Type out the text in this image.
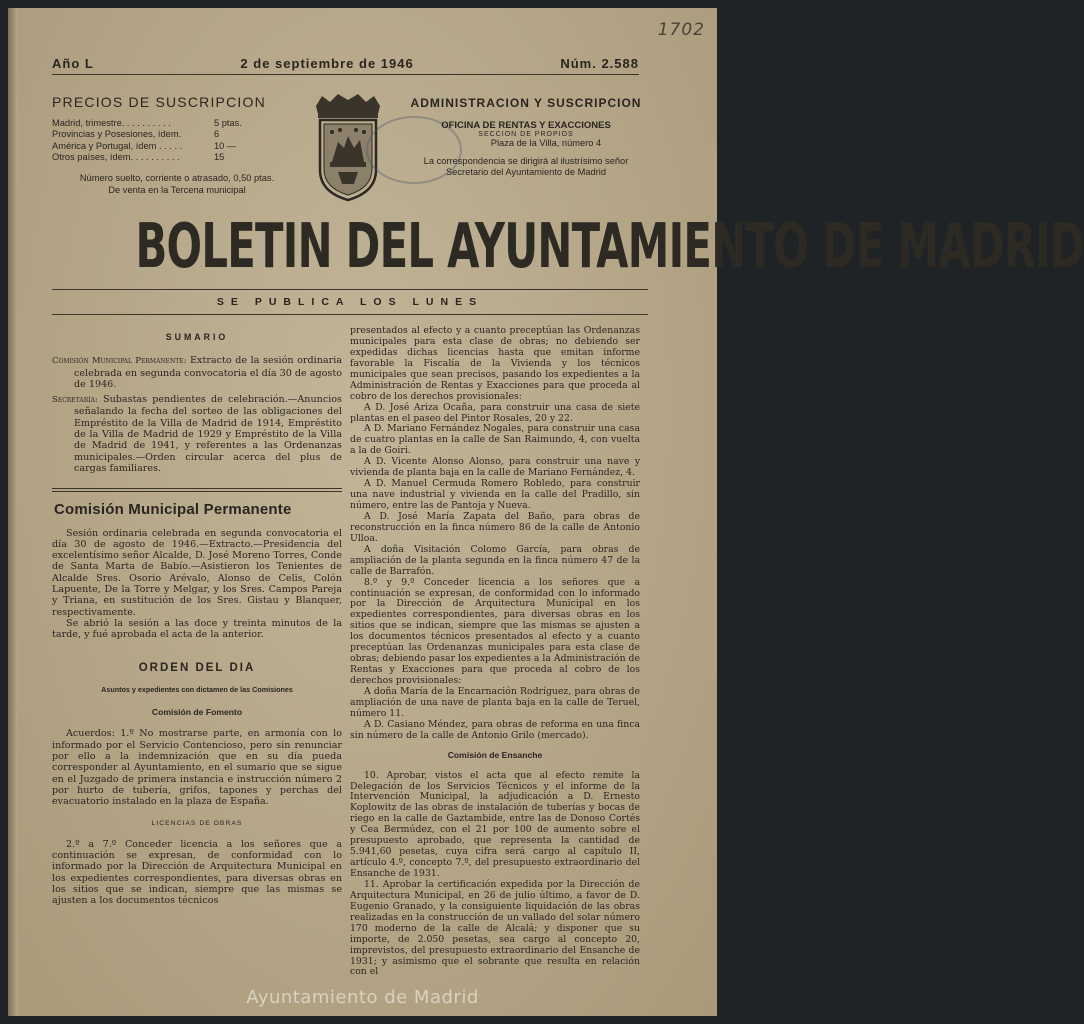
1702
Año L	2 de septiembre de 1946	Núm. 2.588
PRECIOS DE SUSCRIPCION
Madrid, trimestre. . . . . . . . . .	5 ptas.
Provincias y Posesiones, ídem.	6
América y Portugal, ídem . . . . .	10 —
Otros países, ídem. . . . . . . . . .	15
Número suelto, corriente o atrasado, 0,50 ptas.
De venta en la Tercena municipal
ADMINISTRACION Y SUSCRIPCION
OFICINA DE RENTAS Y EXACCIONES
SECCION DE PROPIOS
Plaza de la Villa, número 4
La correspondencia se dirigirá al ilustrísimo señor Secretario del Ayuntamiento de Madrid
BOLETIN DEL AYUNTAMIENTO DE MADRID
SE PUBLICA LOS LUNES
SUMARIO

Comisión Municipal Permanente: Extracto de la sesión ordinaria celebrada en segunda convocatoria el día 30 de agosto de 1946.

Secretaría: Subastas pendientes de celebración.—Anuncios señalando la fecha del sorteo de las obligaciones del Empréstito de la Villa de Madrid de 1914, Empréstito de la Villa de Madrid de 1929 y Empréstito de la Villa de Madrid de 1941, y referentes a las Ordenanzas municipales.—Orden circular acerca del plus de cargas familiares.

Comisión Municipal Permanente

Sesión ordinaria celebrada en segunda convocatoria el día 30 de agosto de 1946.—Extracto.—Presidencia del excelentísimo señor Alcalde, D. José Moreno Torres, Conde de Santa Marta de Babío.—Asistieron los Tenientes de Alcalde Sres. Osorio Arévalo, Alonso de Celis, Colón Lapuente, De la Torre y Melgar, y los Sres. Campos Pareja y Triana, en sustitución de los Sres. Gistau y Blanquer, respectivamente.

Se abrió la sesión a las doce y treinta minutos de la tarde, y fué aprobada el acta de la anterior.

ORDEN DEL DIA
Asuntos y expedientes con dictamen de las Comisiones
Comisión de Fomento

Acuerdos: 1.º No mostrarse parte, en armonía con lo informado por el Servicio Contencioso, pero sin renunciar por ello a la indemnización que en su día pueda corresponder al Ayuntamiento, en el sumario que se sigue en el Juzgado de primera instancia e instrucción número 2 por hurto de tubería, grifos, tapones y perchas del evacuatorio instalado en la plaza de España.

LICENCIAS DE OBRAS

2.º a 7.º Conceder licencia a los señores que a continuación se expresan, de conformidad con lo informado por la Dirección de Arquitectura Municipal en los expedientes correspondientes, para diversas obras en los sitios que se indican, siempre que las mismas se ajusten a los documentos técnicos

presentados al efecto y a cuanto preceptúan las Ordenanzas municipales para esta clase de obras; no debiendo ser expedidas dichas licencias hasta que emitan informe favorable la Fiscalía de la Vivienda y los técnicos municipales que sean precisos, pasando los expedientes a la Administración de Rentas y Exacciones para que proceda al cobro de los derechos provisionales:

A D. José Ariza Ocaña, para construir una casa de siete plantas en el paseo del Pintor Rosales, 20 y 22.

A D. Mariano Fernández Nogales, para construir una casa de cuatro plantas en la calle de San Raimundo, 4, con vuelta a la de Goiri.

A D. Vicente Alonso Alonso, para construir una nave y vivienda de planta baja en la calle de Mariano Fernández, 4.

A D. Manuel Cermuda Romero Robledo, para construir una nave industrial y vivienda en la calle del Pradillo, sin número, entre las de Pantoja y Nueva.

A D. José María Zapata del Baño, para obras de reconstrucción en la finca número 86 de la calle de Antonio Ulloa.

A doña Visitación Colomo García, para obras de ampliación de la planta segunda en la finca número 47 de la calle de Barrafón.

8.º y 9.º Conceder licencia a los señores que a continuación se expresan, de conformidad con lo informado por la Dirección de Arquitectura Municipal en los expedientes correspondientes, para diversas obras en los sitios que se indican, siempre que las mismas se ajusten a los documentos técnicos presentados al efecto y a cuanto preceptúan las Ordenanzas municipales para esta clase de obras; debiendo pasar los expedientes a la Administración de Rentas y Exacciones para que proceda al cobro de los derechos provisionales:

A doña María de la Encarnación Rodríguez, para obras de ampliación de una nave de planta baja en la calle de Teruel, número 11.

A D. Casiano Méndez, para obras de reforma en una finca sin número de la calle de Antonio Grilo (mercado).

Comisión de Ensanche

10. Aprobar, vistos el acta que al efecto remite la Delegación de los Servicios Técnicos y el informe de la Intervención Municipal, la adjudicación a D. Ernesto Koplowitz de las obras de instalación de tuberías y bocas de riego en la calle de Gaztambide, entre las de Donoso Cortés y Cea Bermúdez, con el 21 por 100 de aumento sobre el presupuesto aprobado, que representa la cantidad de 5.941,60 pesetas, cuya cifra será cargo al capítulo II, artículo 4.º, concepto 7.º, del presupuesto extraordinario del Ensanche de 1931.

11. Aprobar la certificación expedida por la Dirección de Arquitectura Municipal, en 26 de julio último, a favor de D. Eugenio Granado, y la consiguiente liquidación de las obras realizadas en la construcción de un vallado del solar número 170 moderno de la calle de Alcalá; y disponer que su importe, de 2.050 pesetas, sea cargo al concepto 20, imprevistos, del presupuesto extraordinario del Ensanche de 1931; y asimismo que el sobrante que resulta en relación con el

Ayuntamiento de Madrid
